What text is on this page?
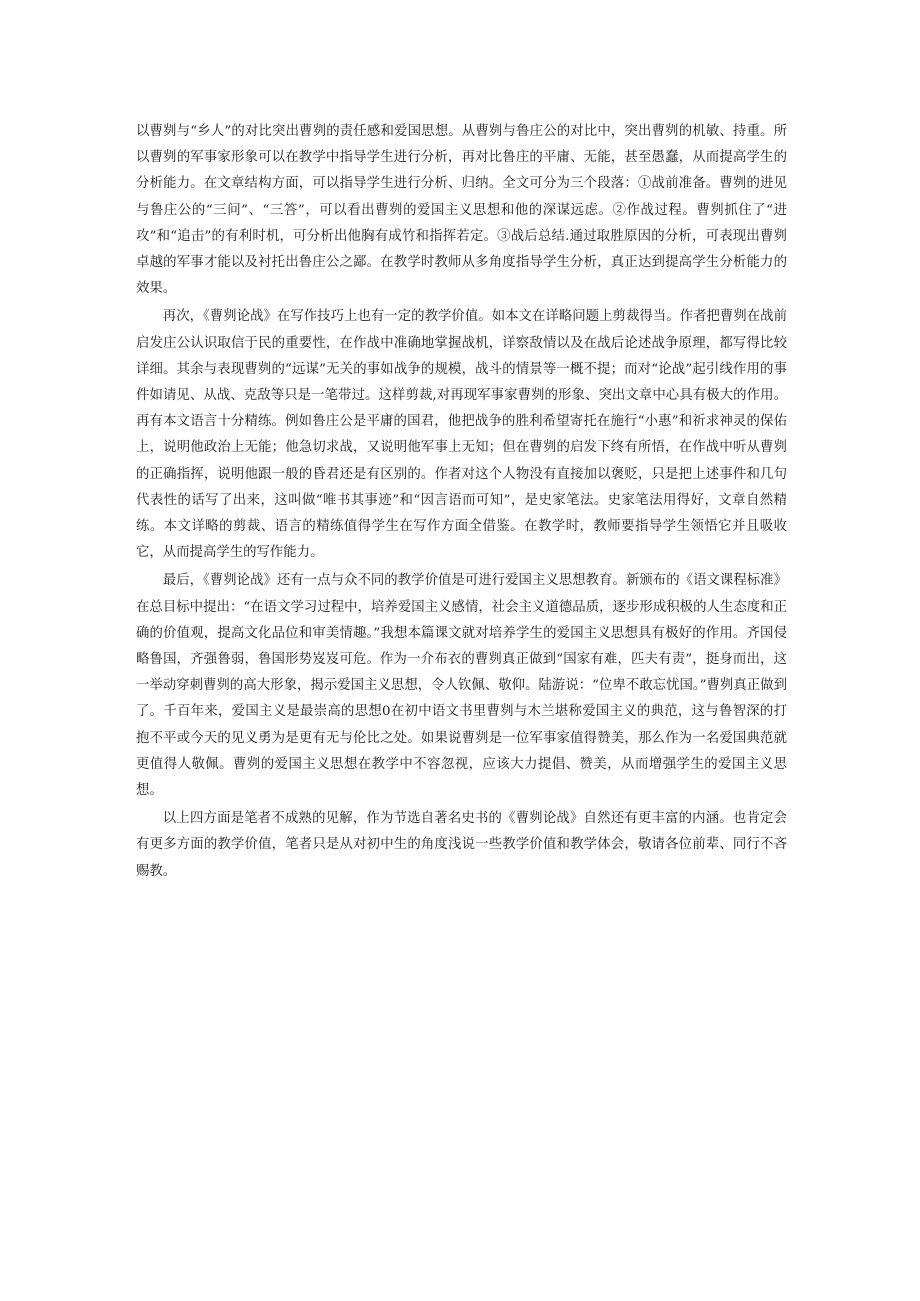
以曹刿与“乡人”的对比突出曹刿的责任感和爱国思想。从曹刿与鲁庄公的对比中，突出曹刿的机敏、持重。所以曹刿的军事家形象可以在教学中指导学生进行分析，再对比鲁庄的平庸、无能，甚至愚蠢，从而提高学生的分析能力。在文章结构方面，可以指导学生进行分析、归纳。全文可分为三个段落：①战前准备。曹刿的进见与鲁庄公的“三问”、“三答”，可以看出曹刿的爱国主义思想和他的深谋远虑。②作战过程。曹刿抓住了“进攻”和“追击”的有利时机，可分析出他胸有成竹和指挥若定。③战后总结.通过取胜原因的分析，可表现出曹刿卓越的军事才能以及衬托出鲁庄公之鄙。在教学时教师从多角度指导学生分析，真正达到提高学生分析能力的效果。

再次，《曹刿论战》在写作技巧上也有一定的教学价值。如本文在详略问题上剪裁得当。作者把曹刿在战前启发庄公认识取信于民的重要性，在作战中准确地掌握战机，详察敌情以及在战后论述战争原理，都写得比较详细。其余与表现曹刿的“远谋”无关的事如战争的规模，战斗的情景等一概不提；而对“论战”起引线作用的事件如请见、从战、克敌等只是一笔带过。这样剪裁,对再现军事家曹刿的形象、突出文章中心具有极大的作用。再有本文语言十分精练。例如鲁庄公是平庸的国君，他把战争的胜利希望寄托在施行“小惠”和祈求神灵的保佑上，说明他政治上无能；他急切求战，又说明他军事上无知；但在曹刿的启发下终有所悟，在作战中听从曹刿的正确指挥，说明他跟一般的昏君还是有区别的。作者对这个人物没有直接加以褒贬，只是把上述事件和几句代表性的话写了出来，这叫做“唯书其事迹”和“因言语而可知”，是史家笔法。史家笔法用得好，文章自然精练。本文详略的剪裁、语言的精练值得学生在写作方面全借鉴。在教学时，教师要指导学生领悟它并且吸收它，从而提高学生的写作能力。

最后，《曹刿论战》还有一点与众不同的教学价值是可进行爱国主义思想教育。新颁布的《语文课程标准》在总目标中提出：“在语文学习过程中，培养爱国主义感情，社会主义道德品质，逐步形成积极的人生态度和正确的价值观，提高文化品位和审美情趣。”我想本篇课文就对培养学生的爱国主义思想具有极好的作用。齐国侵略鲁国，齐强鲁弱，鲁国形势岌岌可危。作为一介布衣的曹刿真正做到“国家有难，匹夫有责”，挺身而出，这一举动穿刺曹刿的高大形象，揭示爱国主义思想，令人钦佩、敬仰。陆游说：“位卑不敢忘忧国。”曹刿真正做到了。千百年来，爱国主义是最崇高的思想0在初中语文书里曹刿与木兰堪称爱国主义的典范，这与鲁智深的打抱不平或今天的见义勇为是更有无与伦比之处。如果说曹刿是一位军事家值得赞美，那么作为一名爱国典范就更值得人敬佩。曹刿的爱国主义思想在教学中不容忽视，应该大力提倡、赞美，从而增强学生的爱国主义思想。

以上四方面是笔者不成熟的见解，作为节选自著名史书的《曹刿论战》自然还有更丰富的内涵。也肯定会有更多方面的教学价值，笔者只是从对初中生的角度浅说一些教学价值和教学体会，敬请各位前辈、同行不吝赐教。
